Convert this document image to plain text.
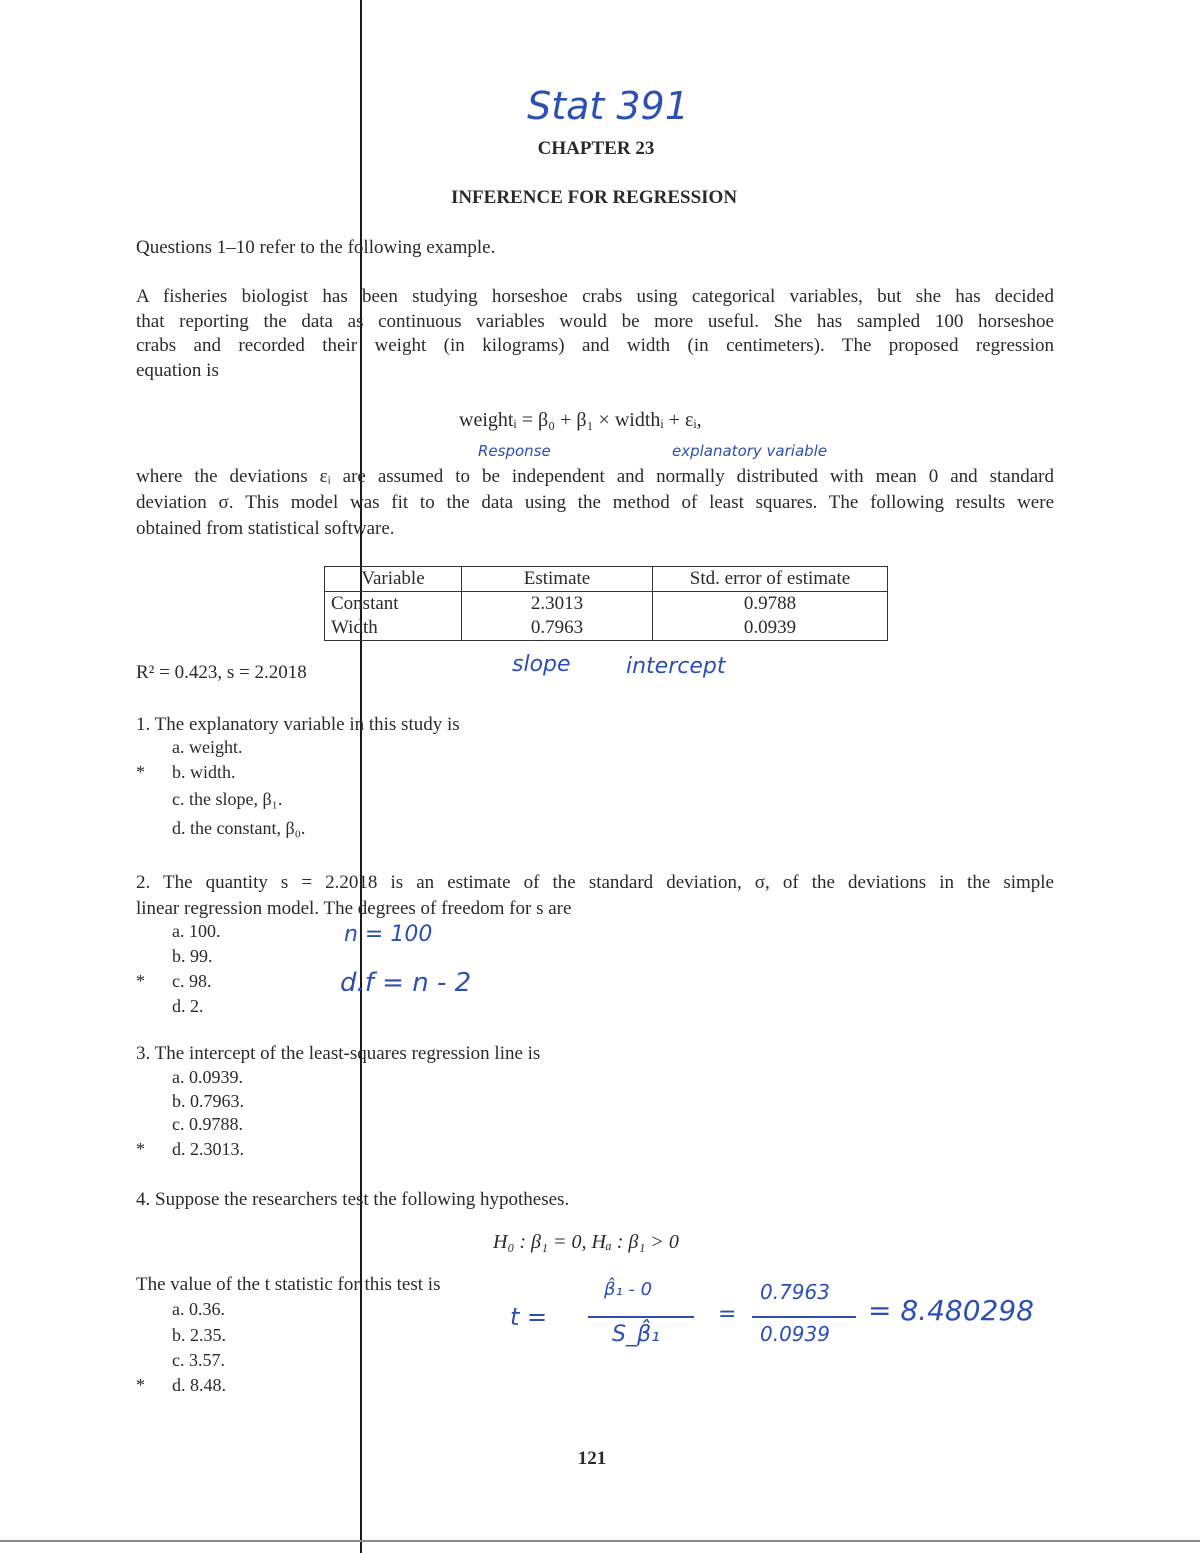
Stat 391
CHAPTER 23
INFERENCE FOR REGRESSION
Questions 1–10 refer to the following example.
A fisheries biologist has been studying horseshoe crabs using categorical variables, but she has decided
that reporting the data as continuous variables would be more useful. She has sampled 100 horseshoe
crabs and recorded their weight (in kilograms) and width (in centimeters). The proposed regression
equation is
weightᵢ = β₀ + β₁ × widthᵢ + εᵢ,
Response	explanatory variable
where the deviations εᵢ are assumed to be independent and normally distributed with mean 0 and standard
deviation σ. This model was fit to the data using the method of least squares. The following results were
obtained from statistical software.
Variable	Estimate	Std. error of estimate
Constant	2.3013	0.9788
Width	0.7963	0.0939
slope	intercept
R² = 0.423, s = 2.2018
1. The explanatory variable in this study is
a. weight.
b. width.
*
c. the slope, β₁.
d. the constant, β₀.
2. The quantity s = 2.2018 is an estimate of the standard deviation, σ, of the deviations in the simple
linear regression model. The degrees of freedom for s are
a. 100.
b. 99.
c. 98.
*
d. 2.
n = 100
d.f = n - 2
3. The intercept of the least-squares regression line is
a. 0.0939.
b. 0.7963.
c. 0.9788.
d. 2.3013.
*
4. Suppose the researchers test the following hypotheses.
H₀ : β₁ = 0, Hₐ : β₁ > 0
The value of the t statistic for this test is
a. 0.36.
b. 2.35.
c. 3.57.
d. 8.48.
*
t =
β̂₁ - 0
S_β̂₁
=
0.7963
0.0939
= 8.480298
121
